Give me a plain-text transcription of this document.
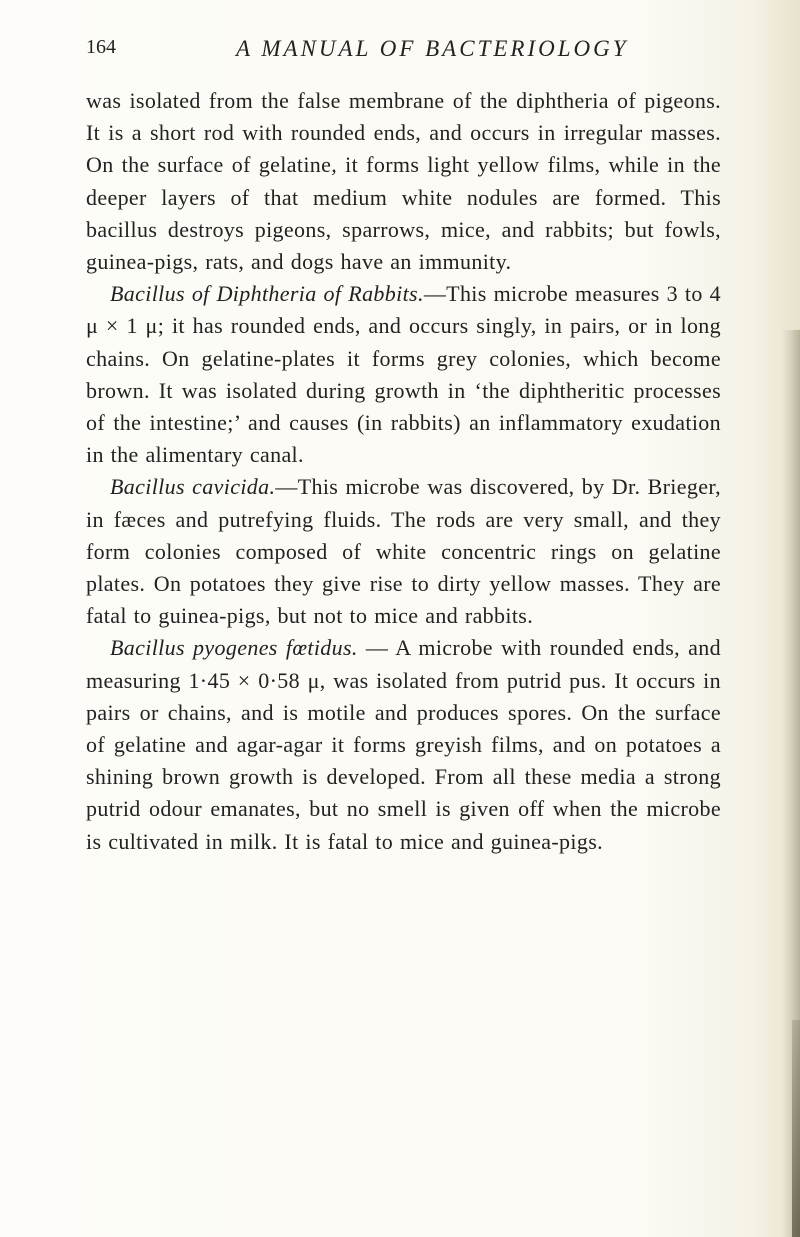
164	A MANUAL OF BACTERIOLOGY

was isolated from the false membrane of the diphtheria of pigeons. It is a short rod with rounded ends, and occurs in irregular masses. On the surface of gelatine, it forms light yellow films, while in the deeper layers of that medium white nodules are formed. This bacillus destroys pigeons, sparrows, mice, and rabbits; but fowls, guinea-pigs, rats, and dogs have an immunity.

Bacillus of Diphtheria of Rabbits.—This microbe measures 3 to 4 μ × 1 μ; it has rounded ends, and occurs singly, in pairs, or in long chains. On gelatine-plates it forms grey colonies, which become brown. It was isolated during growth in ‘the diphtheritic processes of the intestine;’ and causes (in rabbits) an inflammatory exudation in the alimentary canal.

Bacillus cavicida.—This microbe was discovered, by Dr. Brieger, in fæces and putrefying fluids. The rods are very small, and they form colonies composed of white concentric rings on gelatine plates. On potatoes they give rise to dirty yellow masses. They are fatal to guinea-pigs, but not to mice and rabbits.

Bacillus pyogenes fœtidus. — A microbe with rounded ends, and measuring 1·45 × 0·58 μ, was isolated from putrid pus. It occurs in pairs or chains, and is motile and produces spores. On the surface of gelatine and agar-agar it forms greyish films, and on potatoes a shining brown growth is developed. From all these media a strong putrid odour emanates, but no smell is given off when the microbe is cultivated in milk. It is fatal to mice and guinea-pigs.
